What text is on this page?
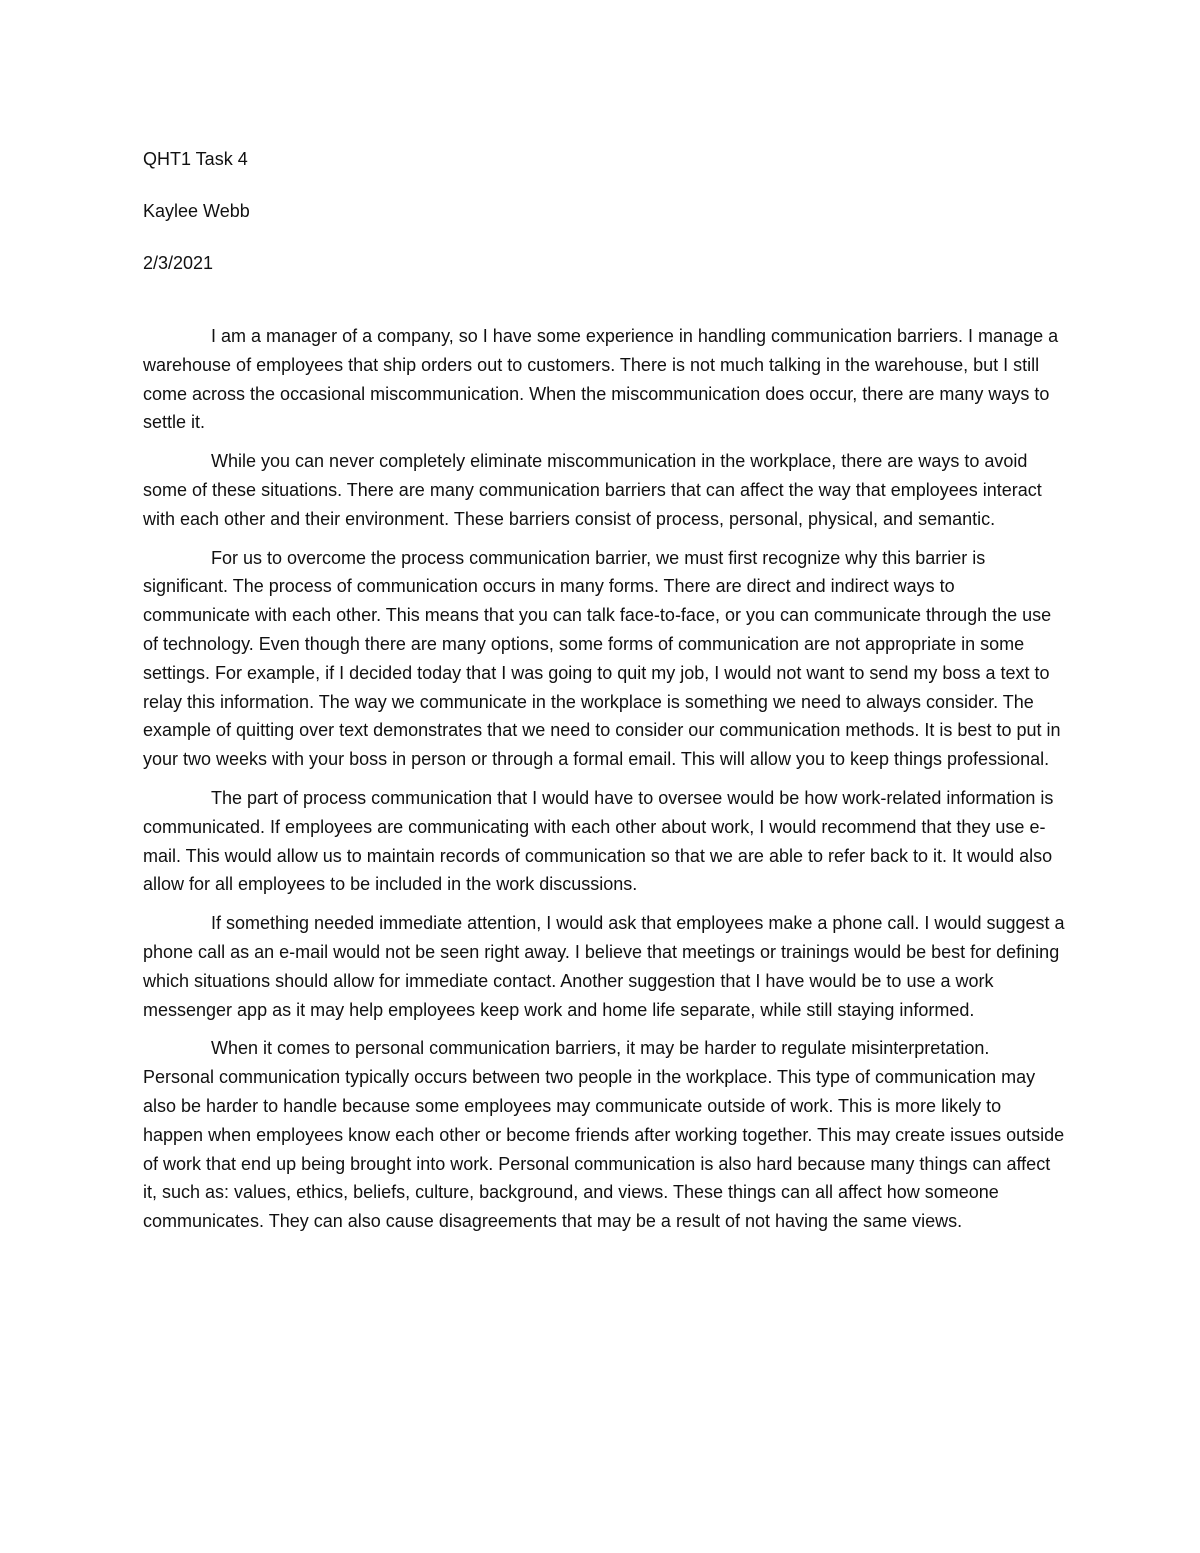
QHT1 Task 4
Kaylee Webb
2/3/2021

I am a manager of a company, so I have some experience in handling communication barriers. I manage a warehouse of employees that ship orders out to customers. There is not much talking in the warehouse, but I still come across the occasional miscommunication. When the miscommunication does occur, there are many ways to settle it.

While you can never completely eliminate miscommunication in the workplace, there are ways to avoid some of these situations. There are many communication barriers that can affect the way that employees interact with each other and their environment. These barriers consist of process, personal, physical, and semantic.

For us to overcome the process communication barrier, we must first recognize why this barrier is significant. The process of communication occurs in many forms. There are direct and indirect ways to communicate with each other. This means that you can talk face-to-face, or you can communicate through the use of technology. Even though there are many options, some forms of communication are not appropriate in some settings. For example, if I decided today that I was going to quit my job, I would not want to send my boss a text to relay this information. The way we communicate in the workplace is something we need to always consider. The example of quitting over text demonstrates that we need to consider our communication methods. It is best to put in your two weeks with your boss in person or through a formal email. This will allow you to keep things professional.

The part of process communication that I would have to oversee would be how work-related information is communicated. If employees are communicating with each other about work, I would recommend that they use e-mail. This would allow us to maintain records of communication so that we are able to refer back to it. It would also allow for all employees to be included in the work discussions.

If something needed immediate attention, I would ask that employees make a phone call. I would suggest a phone call as an e-mail would not be seen right away. I believe that meetings or trainings would be best for defining which situations should allow for immediate contact. Another suggestion that I have would be to use a work messenger app as it may help employees keep work and home life separate, while still staying informed.

When it comes to personal communication barriers, it may be harder to regulate misinterpretation. Personal communication typically occurs between two people in the workplace. This type of communication may also be harder to handle because some employees may communicate outside of work. This is more likely to happen when employees know each other or become friends after working together. This may create issues outside of work that end up being brought into work. Personal communication is also hard because many things can affect it, such as: values, ethics, beliefs, culture, background, and views. These things can all affect how someone communicates. They can also cause disagreements that may be a result of not having the same views.
